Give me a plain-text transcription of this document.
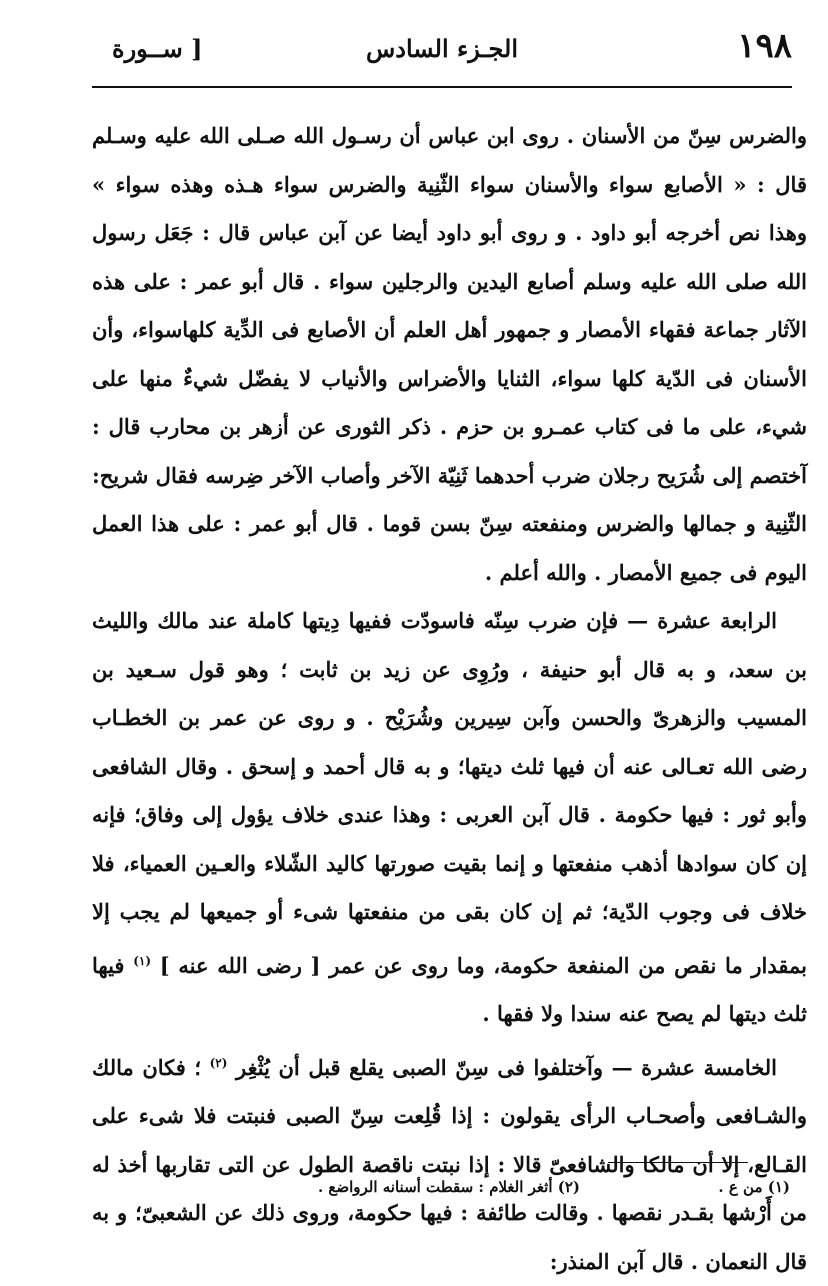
١٩٨
الجـزء السادس
[ ســورة

والضرس سِنّ من الأسنان . روى ابن عباس أن رسـول الله صـلى الله عليه وسـلم قال : « الأصابع سواء والأسنان سواء الثّنِية والضرس سواء هـذه وهذه سواء » وهذا نص أخرجه أبو داود . و روى أبو داود أيضا عن آبن عباس قال : جَعَل رسول الله صلى الله عليه وسلم أصابع اليدين والرجلين سواء . قال أبو عمر : على هذه الآثار جماعة فقهاء الأمصار و جمهور أهل العلم أن الأصابع فى الدِّية كلهاسواء، وأن الأسنان فى الدّية كلها سواء، الثنايا والأضراس والأنياب لا يفضّل شيءٌ منها على شيء، على ما فى كتاب عمـرو بن حزم . ذكر الثورى عن أزهر بن محارب قال : آختصم إلى شُرَيح رجلان ضرب أحدهما ثَنِيّة الآخر وأصاب الآخر ضِرسه فقال شريح: الثّنِية و جمالها والضرس ومنفعته سِنّ بسن قوما . قال أبو عمر : على هذا العمل اليوم فى جميع الأمصار . والله أعلم .

الرابعة عشرة — فإن ضرب سِنّه فاسودّت ففيها دِيتها كاملة عند مالك والليث بن سعد، و به قال أبو حنيفة ، ورُوِى عن زيد بن ثابت ؛ وهو قول سـعيد بن المسيب والزهرىّ والحسن وآبن سِيرين وشُرَيْح . و روى عن عمر بن الخطـاب رضى الله تعـالى عنه أن فيها ثلث ديتها؛ و به قال أحمد و إسحق . وقال الشافعى وأبو ثور : فيها حكومة . قال آبن العربى : وهذا عندى خلاف يؤول إلى وفاق؛ فإنه إن كان سوادها أذهب منفعتها و إنما بقيت صورتها كاليد الشّلاء والعـين العمياء، فلا خلاف فى وجوب الدّية؛ ثم إن كان بقى من منفعتها شىء أو جميعها لم يجب إلا بمقدار ما نقص من المنفعة حكومة، وما روى عن عمر [ رضى الله عنه ] $^{(١)}$ فيها ثلث ديتها لم يصح عنه سندا ولا فقها .

الخامسة عشرة — وآختلفوا فى سِنّ الصبى يقلع قبل أن يُثْغِر $^{(٢)}$ ؛ فكان مالك والشـافعى وأصحـاب الرأى يقولون : إذا قُلِعت سِنّ الصبى فنبتت فلا شىء على القـالع، إلا أن مالكا والشافعىّ قالا : إذا نبتت ناقصة الطول عن التى تقاربها أخذ له من أَرْشها بقـدر نقصها . وقالت طائفة : فيها حكومة، وروى ذلك عن الشعبىّ؛ و به قال النعمان . قال آبن المنذر:

(١) من ع .
(٢) أثغر الغلام : سقطت أسنانه الرواضع .
